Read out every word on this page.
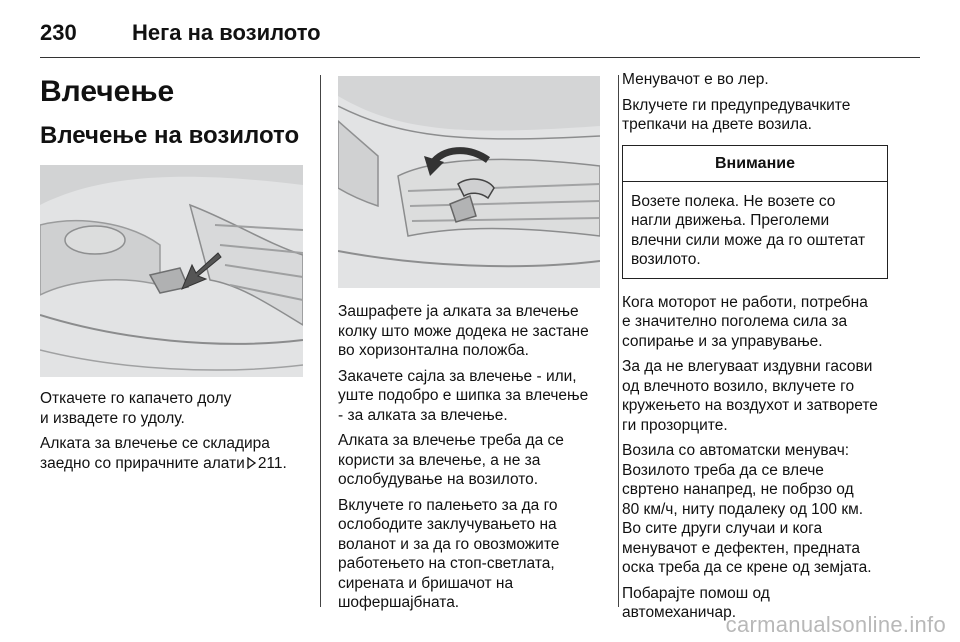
230	Нега на возилото
Влечење
Влечење на возилото

Откачете го капачето долу
и извадете го удолу.

Алката за влечење се складира
заедно со прирачните алати 211.

Зашрафете ја алката за влечење
колку што може додека не застане
во хоризонтална положба.

Закачете сајла за влечење - или,
уште подобро е шипка за влечење
- за алката за влечење.

Алката за влечење треба да се
користи за влечење, а не за
ослобудување на возилото.

Вклучете го палењето за да го
ослободите заклучувањето на
воланот и за да го овозможите
работењето на стоп-светлата,
сирената и бришачот на
шофершајбната.

Менувачот е во лер.

Вклучете ги предупредувачките
трепкачи на двете возила.

Внимание
Возете полека. Не возете со
нагли движења. Преголеми
влечни сили може да го оштетат
возилото.

Кога моторот не работи, потребна
е значително поголема сила за
сопирање и за управување.

За да не влегуваат издувни гасови
од влечното возило, вклучете го
кружењето на воздухот и затворете
ги прозорците.

Возила со автоматски менувач:
Возилото треба да се влече
свртено нанапред, не побрзо од
80 км/ч, ниту подалеку од 100 км.
Во сите други случаи и кога
менувачот е дефектен, предната
оска треба да се крене од земјата.

Побарајте помош од
автомеханичар.

carmanualsonline.info
